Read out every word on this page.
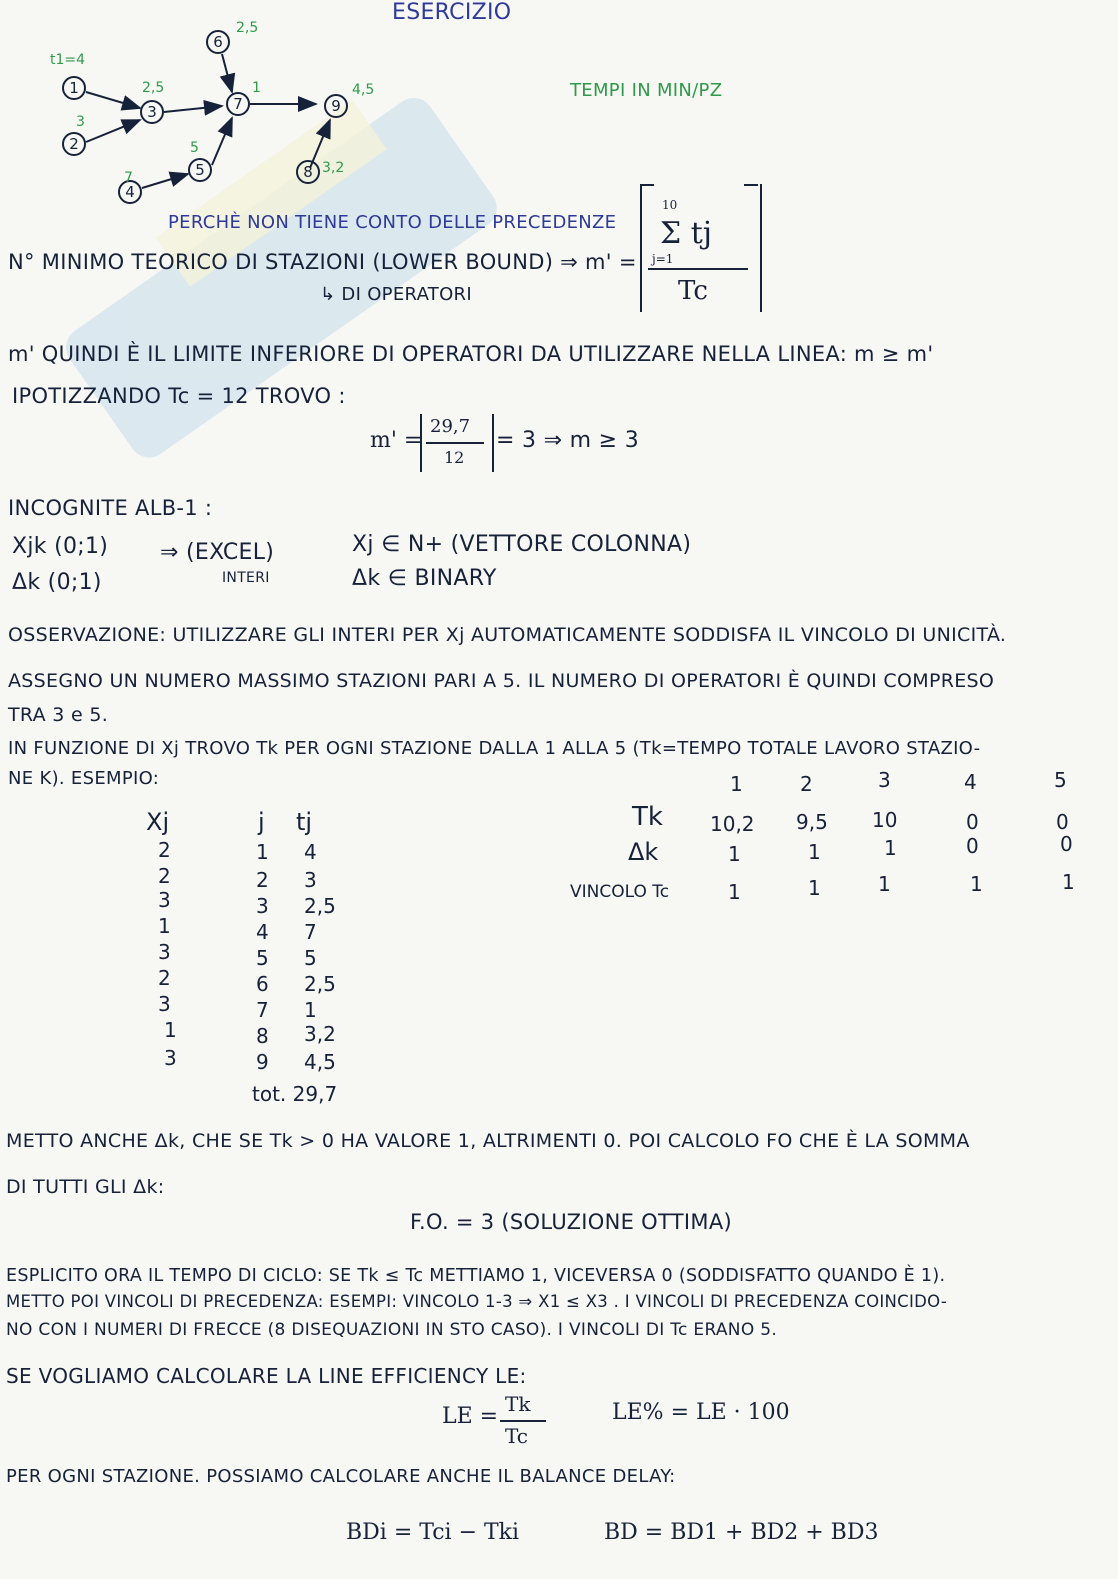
ESERCIZIO
TEMPI IN MIN/PZ
1
2
3
4
5
6
7
8
9
t1=4
3
2,5
7
5
2,5
1
3,2
4,5
PERCHÈ NON TIENE CONTO DELLE PRECEDENZE
N° MINIMO TEORICO DI STAZIONI (LOWER BOUND) ⇒ m' =
↳ DI OPERATORI
10
Σ tj
j=1
Tc
m' QUINDI È IL LIMITE INFERIORE DI OPERATORI DA UTILIZZARE NELLA LINEA: m ≥ m'
IPOTIZZANDO Tc = 12 TROVO :
m' =
29,7
12
= 3 ⇒ m ≥ 3
INCOGNITE ALB-1 :
Xjk (0;1)
Δk (0;1)
⇒ (EXCEL)
INTERI
Xj ∈ N+ (VETTORE COLONNA)
Δk ∈ BINARY
OSSERVAZIONE: UTILIZZARE GLI INTERI PER Xj AUTOMATICAMENTE SODDISFA IL VINCOLO DI UNICITÀ.
ASSEGNO UN NUMERO MASSIMO STAZIONI PARI A 5. IL NUMERO DI OPERATORI È QUINDI COMPRESO
TRA 3 e 5.
IN FUNZIONE DI Xj TROVO Tk PER OGNI STAZIONE DALLA 1 ALLA 5 (Tk=TEMPO TOTALE LAVORO STAZIO-
NE K). ESEMPIO:
Xj	j tj
2	1 4
2	2 3
3	3 2,5
1	4 7
3	5 5
2	6 2,5
3	7 1
1	8 3,2
3	9 4,5
tot. 29,7
1	2	3	4	5
Tk 10,2 9,5 10	0	0
Δk	1	1	1	0	0
VINCOLO Tc	1	1	1	1	1
METTO ANCHE Δk, CHE SE Tk > 0 HA VALORE 1, ALTRIMENTI 0. POI CALCOLO FO CHE È LA SOMMA
DI TUTTI GLI Δk:
F.O. = 3 (SOLUZIONE OTTIMA)
ESPLICITO ORA IL TEMPO DI CICLO: SE Tk ≤ Tc METTIAMO 1, VICEVERSA 0 (SODDISFATTO QUANDO È 1).
METTO POI VINCOLI DI PRECEDENZA: ESEMPI: VINCOLO 1-3 ⇒ X1 ≤ X3 . I VINCOLI DI PRECEDENZA COINCIDO-
NO CON I NUMERI DI FRECCE (8 DISEQUAZIONI IN STO CASO). I VINCOLI DI Tc ERANO 5.
SE VOGLIAMO CALCOLARE LA LINE EFFICIENCY LE:
LE = Tk
Tc
LE% = LE · 100
PER OGNI STAZIONE. POSSIAMO CALCOLARE ANCHE IL BALANCE DELAY:
BDi = Tci − Tki	BD = BD1 + BD2 + BD3
